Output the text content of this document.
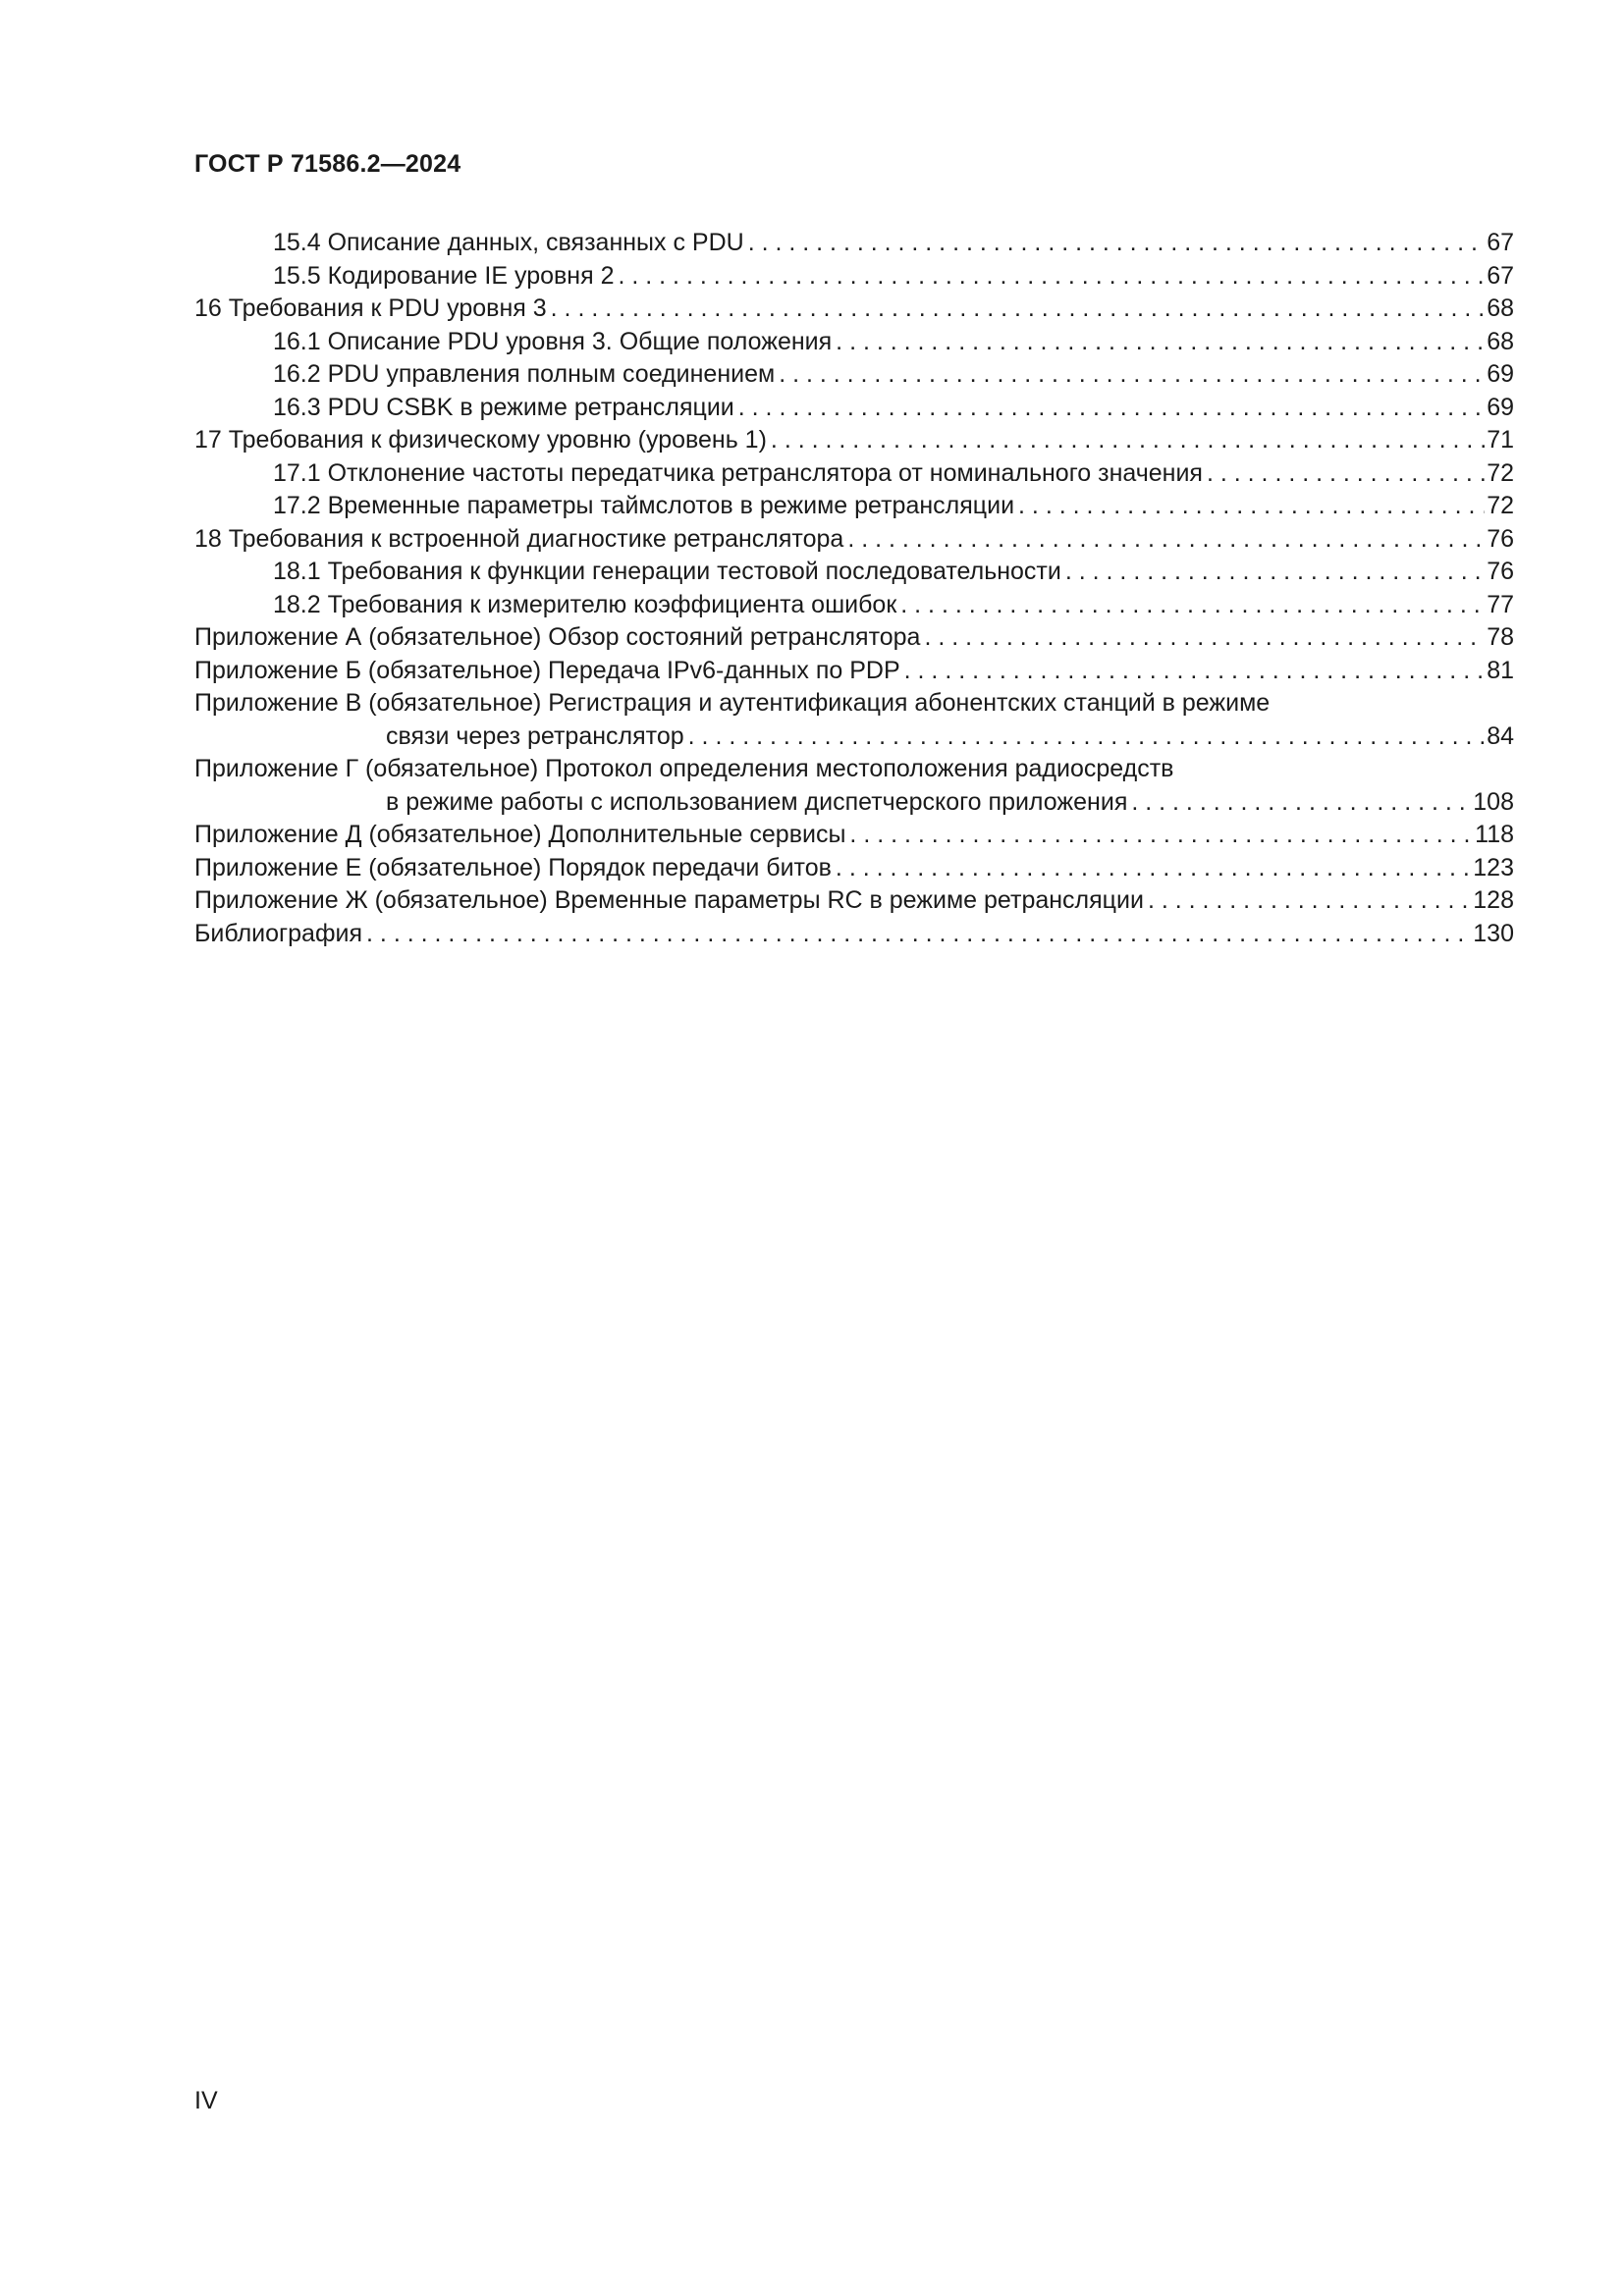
ГОСТ Р 71586.2—2024
15.4 Описание данных, связанных с PDU . . .	67
15.5 Кодирование IE уровня 2 . . .	67
16 Требования к PDU уровня 3 . . .	68
16.1 Описание PDU уровня 3. Общие положения . . .	68
16.2 PDU управления полным соединением . . .	69
16.3 PDU CSBK в режиме ретрансляции . . .	69
17 Требования к физическому уровню (уровень 1) . . .	71
17.1 Отклонение частоты передатчика ретранслятора от номинального значения . . .	72
17.2 Временные параметры таймслотов в режиме ретрансляции . . .	72
18 Требования к встроенной диагностике ретранслятора . . .	76
18.1 Требования к функции генерации тестовой последовательности . . .	76
18.2 Требования к измерителю коэффициента ошибок . . .	77
Приложение А (обязательное) Обзор состояний ретранслятора . . .	78
Приложение Б (обязательное) Передача IPv6-данных по PDP . . .	81
Приложение В (обязательное) Регистрация и аутентификация абонентских станций в режиме
связи через ретранслятор . . .	84
Приложение Г (обязательное) Протокол определения местоположения радиосредств
в режиме работы с использованием диспетчерского приложения . . .	108
Приложение Д (обязательное) Дополнительные сервисы . . .	118
Приложение Е (обязательное) Порядок передачи битов . . .	123
Приложение Ж (обязательное) Временные параметры RC в режиме ретрансляции . . .	128
Библиография . . .	130
IV
